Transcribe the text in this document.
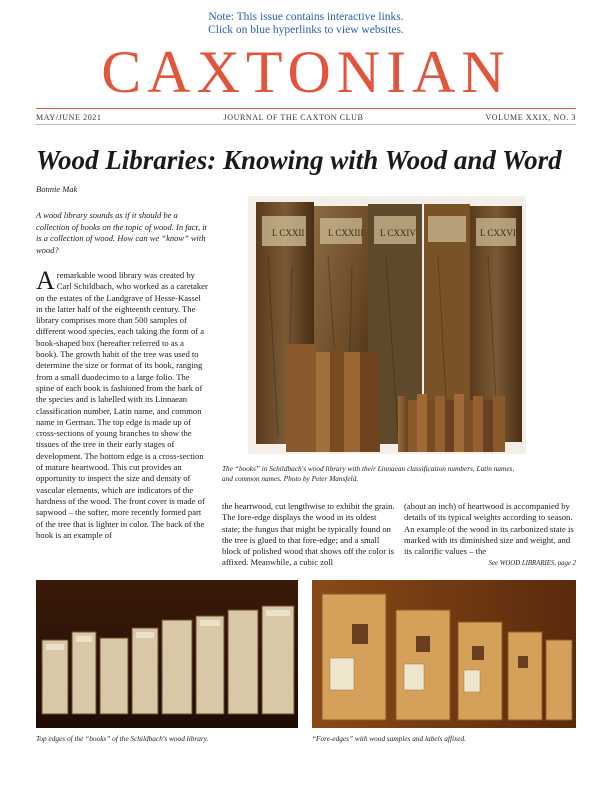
Note: This issue contains interactive links.
Click on blue hyperlinks to view websites.
CAXTONIAN
MAY/JUNE 2021	JOURNAL OF THE CAXTON CLUB	VOLUME XXIX, NO. 3
Wood Libraries: Knowing with Wood and Word
Bonnie Mak
A wood library sounds as if it should be a collection of books on the topic of wood. In fact, it is a collection of wood. How can we “know” with wood?
Aremarkable wood library was created by Carl Schildbach, who worked as a caretaker on the estates of the Landgrave of Hesse-Kassel in the latter half of the eighteenth century. The library comprises more than 500 samples of different wood species, each taking the form of a book-shaped box (hereafter referred to as a book). The growth habit of the tree was used to determine the size or format of its book, ranging from a small duodecimo to a large folio. The spine of each book is fashioned from the bark of the species and is labelled with its Linnaean classification number, Latin name, and common name in German. The top edge is made up of cross-sections of young branches to show the tissues of the tree in their early stages of development. The bottom edge is a cross-section of mature heartwood. This cut provides an opportunity to inspect the size and density of vascular elements, which are indicators of the hardness of the wood. The front cover is made of sapwood – the softer, more recently formed part of the tree that is lighter in color. The back of the book is an example of
L CXXII	L CXXIII L CXXIV	L CXXVI
The “books” in Schildbach's wood library with their Linnaean classification numbers, Latin names, and common names. Photo by Peter Mansfeld.
the heartwood, cut lengthwise to exhibit the grain. The fore-edge displays the wood in its oldest state; the fungus that might be typically found on the tree is glued to that fore-edge; and a small block of polished wood that shows off the color is affixed. Meanwhile, a cubic zoll
(about an inch) of heartwood is accompanied by details of its typical weights according to season. An example of the wood in its carbonized state is marked with its diminished size and weight, and its calorific values – the
See WOOD LIBRARIES, page 2
Top edges of the “books” of the Schildbach's wood library.	“Fore-edges” with wood samples and labels affixed.
